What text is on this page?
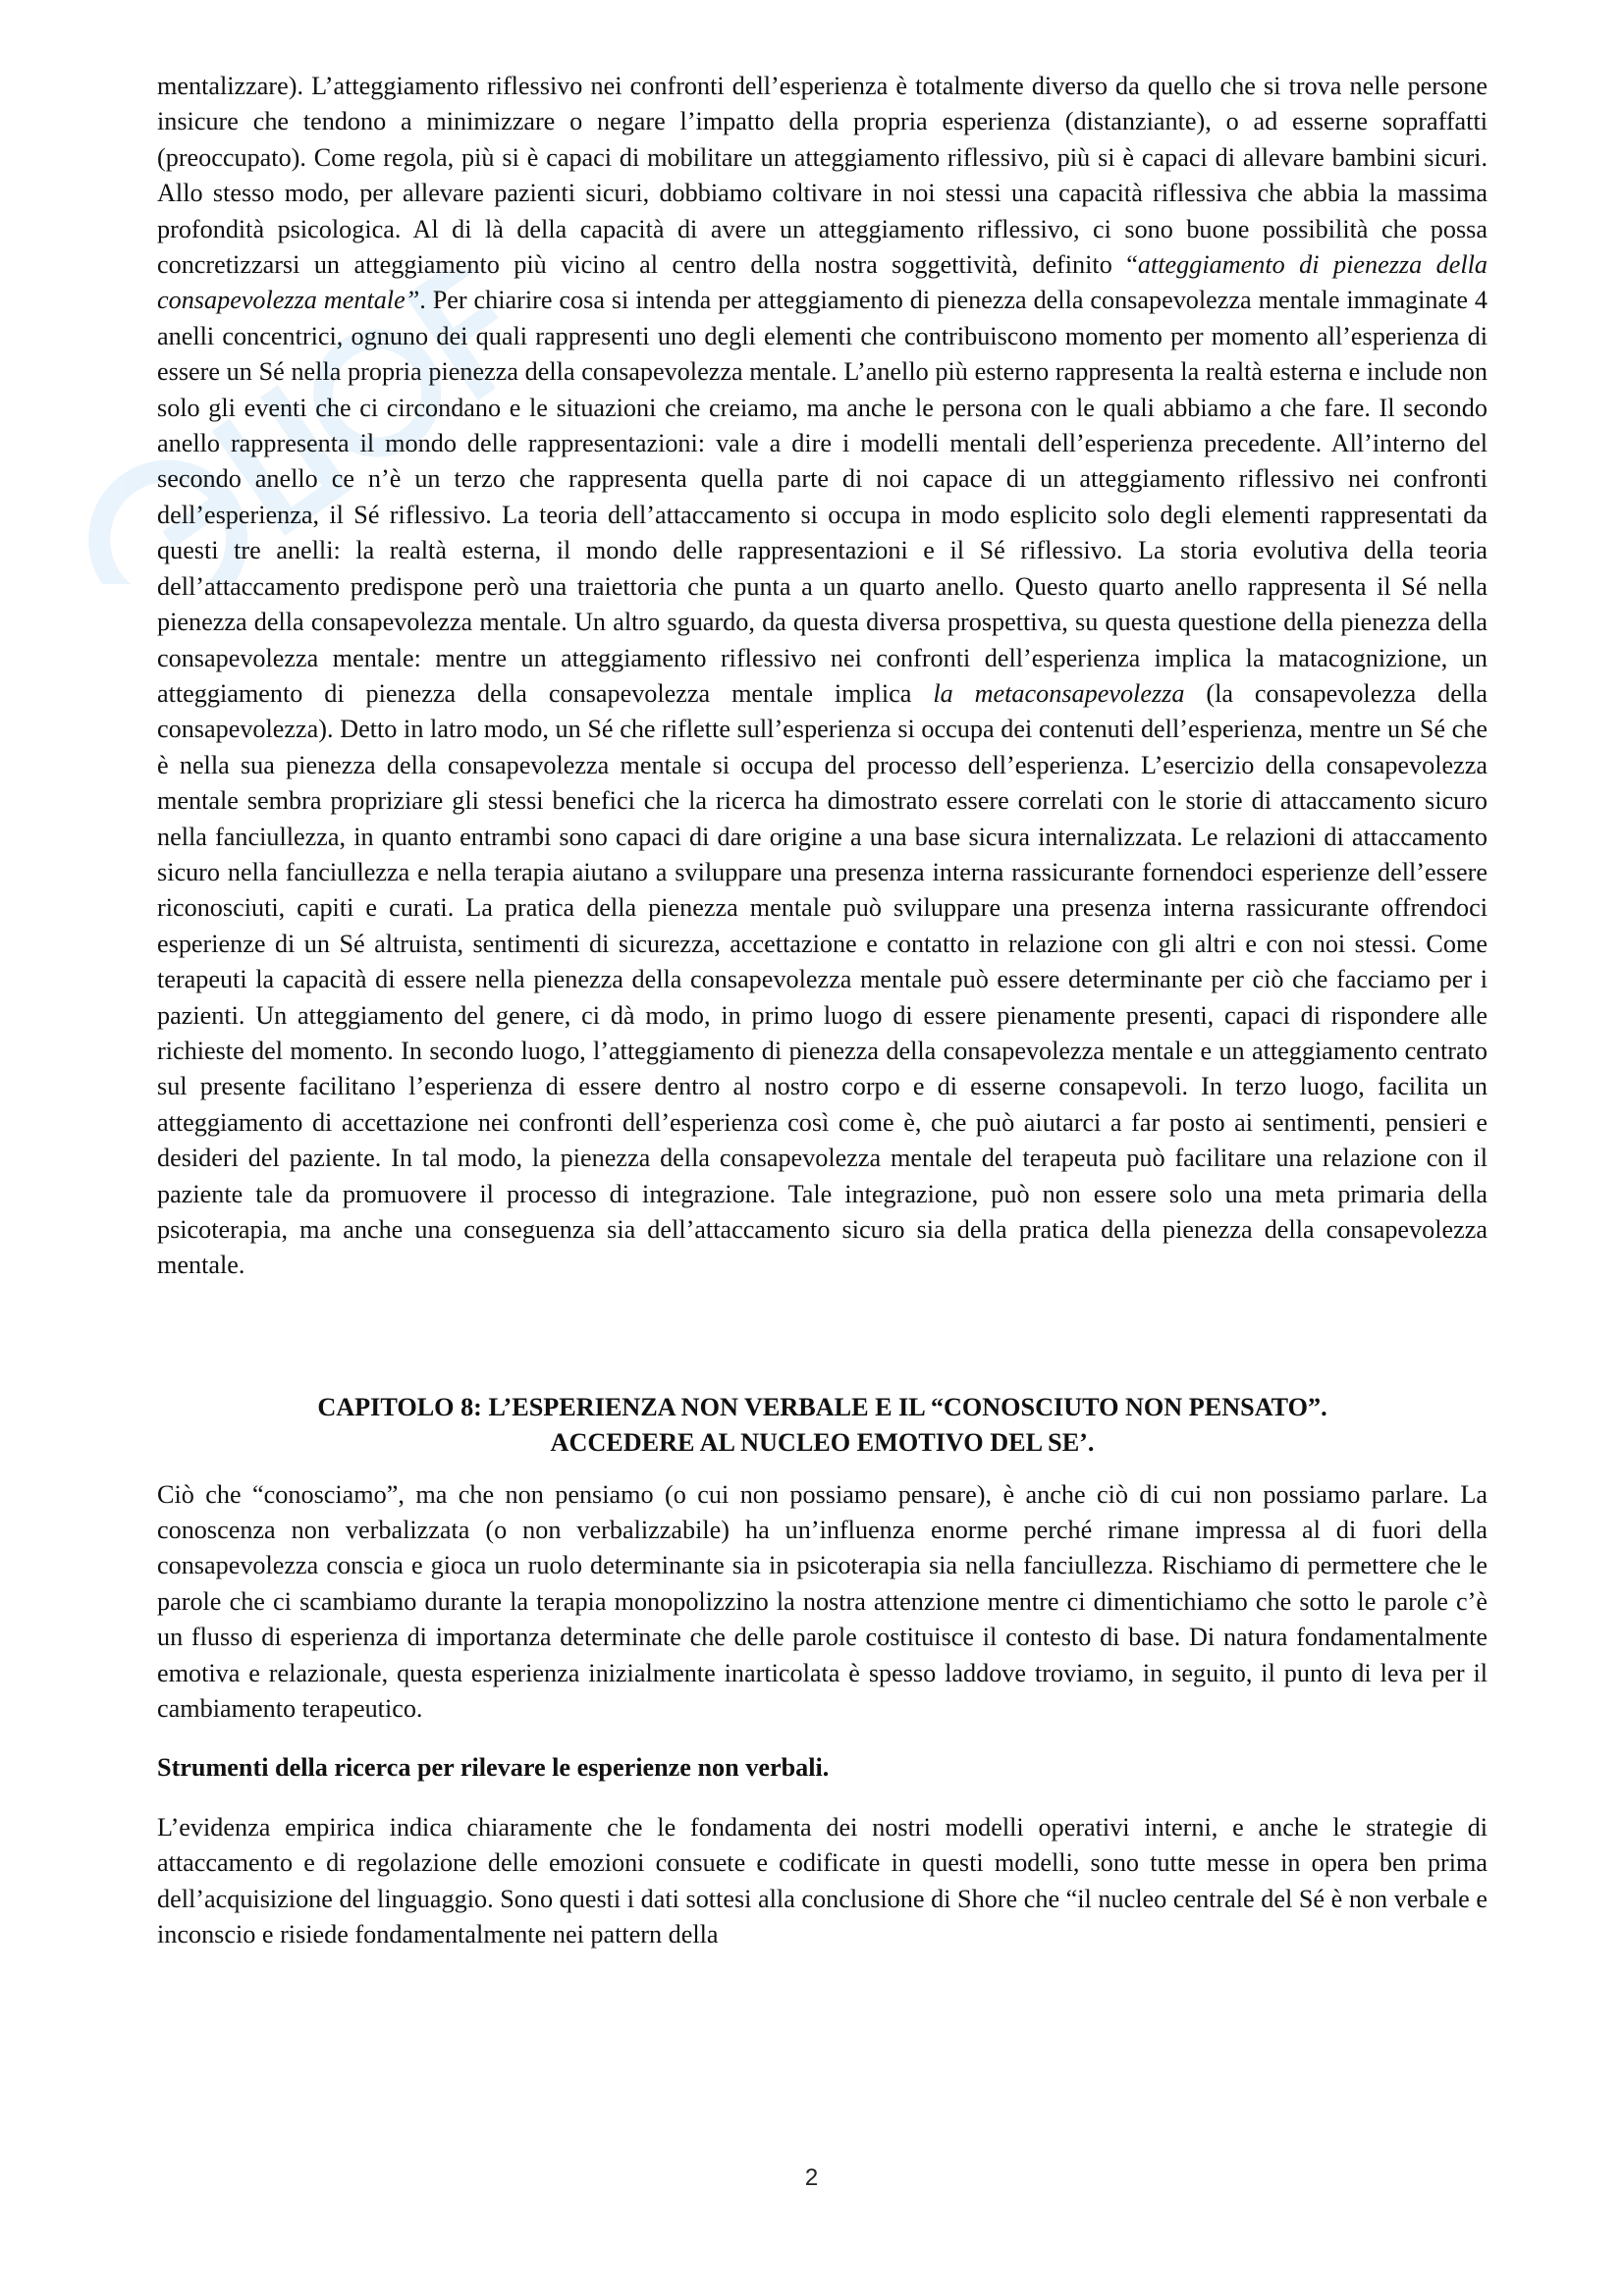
mentalizzare). L’atteggiamento riflessivo nei confronti dell’esperienza è totalmente diverso da quello che si trova nelle persone insicure che tendono a minimizzare o negare l’impatto della propria esperienza (distanziante), o ad esserne sopraffatti (preoccupato). Come regola, più si è capaci di mobilitare un atteggiamento riflessivo, più si è capaci di allevare bambini sicuri. Allo stesso modo, per allevare pazienti sicuri, dobbiamo coltivare in noi stessi una capacità riflessiva che abbia la massima profondità psicologica. Al di là della capacità di avere un atteggiamento riflessivo, ci sono buone possibilità che possa concretizzarsi un atteggiamento più vicino al centro della nostra soggettività, definito “atteggiamento di pienezza della consapevolezza mentale”. Per chiarire cosa si intenda per atteggiamento di pienezza della consapevolezza mentale immaginate 4 anelli concentrici, ognuno dei quali rappresenti uno degli elementi che contribuiscono momento per momento all’esperienza di essere un Sé nella propria pienezza della consapevolezza mentale. L’anello più esterno rappresenta la realtà esterna e include non solo gli eventi che ci circondano e le situazioni che creiamo, ma anche le persona con le quali abbiamo a che fare. Il secondo anello rappresenta il mondo delle rappresentazioni: vale a dire i modelli mentali dell’esperienza precedente. All’interno del secondo anello ce n’è un terzo che rappresenta quella parte di noi capace di un atteggiamento riflessivo nei confronti dell’esperienza, il Sé riflessivo. La teoria dell’attaccamento si occupa in modo esplicito solo degli elementi rappresentati da questi tre anelli: la realtà esterna, il mondo delle rappresentazioni e il Sé riflessivo. La storia evolutiva della teoria dell’attaccamento predispone però una traiettoria che punta a un quarto anello. Questo quarto anello rappresenta il Sé nella pienezza della consapevolezza mentale. Un altro sguardo, da questa diversa prospettiva, su questa questione della pienezza della consapevolezza mentale: mentre un atteggiamento riflessivo nei confronti dell’esperienza implica la matacognizione, un atteggiamento di pienezza della consapevolezza mentale implica la metaconsapevolezza (la consapevolezza della consapevolezza). Detto in latro modo, un Sé che riflette sull’esperienza si occupa dei contenuti dell’esperienza, mentre un Sé che è nella sua pienezza della consapevolezza mentale si occupa del processo dell’esperienza. L’esercizio della consapevolezza mentale sembra propriziare gli stessi benefici che la ricerca ha dimostrato essere correlati con le storie di attaccamento sicuro nella fanciullezza, in quanto entrambi sono capaci di dare origine a una base sicura internalizzata. Le relazioni di attaccamento sicuro nella fanciullezza e nella terapia aiutano a sviluppare una presenza interna rassicurante fornendoci esperienze dell’essere riconosciuti, capiti e curati. La pratica della pienezza mentale può sviluppare una presenza interna rassicurante offrendoci esperienze di un Sé altruista, sentimenti di sicurezza, accettazione e contatto in relazione con gli altri e con noi stessi. Come terapeuti la capacità di essere nella pienezza della consapevolezza mentale può essere determinante per ciò che facciamo per i pazienti. Un atteggiamento del genere, ci dà modo, in primo luogo di essere pienamente presenti, capaci di rispondere alle richieste del momento. In secondo luogo, l’atteggiamento di pienezza della consapevolezza mentale e un atteggiamento centrato sul presente facilitano l’esperienza di essere dentro al nostro corpo e di esserne consapevoli. In terzo luogo, facilita un atteggiamento di accettazione nei confronti dell’esperienza così come è, che può aiutarci a far posto ai sentimenti, pensieri e desideri del paziente. In tal modo, la pienezza della consapevolezza mentale del terapeuta può facilitare una relazione con il paziente tale da promuovere il processo di integrazione. Tale integrazione, può non essere solo una meta primaria della psicoterapia, ma anche una conseguenza sia dell’attaccamento sicuro sia della pratica della pienezza della consapevolezza mentale.

CAPITOLO 8: L’ESPERIENZA NON VERBALE E IL “CONOSCIUTO NON PENSATO”.
ACCEDERE AL NUCLEO EMOTIVO DEL SE’.

Ciò che “conosciamo”, ma che non pensiamo (o cui non possiamo pensare), è anche ciò di cui non possiamo parlare. La conoscenza non verbalizzata (o non verbalizzabile) ha un’influenza enorme perché rimane impressa al di fuori della consapevolezza conscia e gioca un ruolo determinante sia in psicoterapia sia nella fanciullezza. Rischiamo di permettere che le parole che ci scambiamo durante la terapia monopolizzino la nostra attenzione mentre ci dimentichiamo che sotto le parole c’è un flusso di esperienza di importanza determinate che delle parole costituisce il contesto di base. Di natura fondamentalmente emotiva e relazionale, questa esperienza inizialmente inarticolata è spesso laddove troviamo, in seguito, il punto di leva per il cambiamento terapeutico.

Strumenti della ricerca per rilevare le esperienze non verbali.

L’evidenza empirica indica chiaramente che le fondamenta dei nostri modelli operativi interni, e anche le strategie di attaccamento e di regolazione delle emozioni consuete e codificate in questi modelli, sono tutte messe in opera ben prima dell’acquisizione del linguaggio. Sono questi i dati sottesi alla conclusione di Shore che “il nucleo centrale del Sé è non verbale e inconscio e risiede fondamentalmente nei pattern della

2
